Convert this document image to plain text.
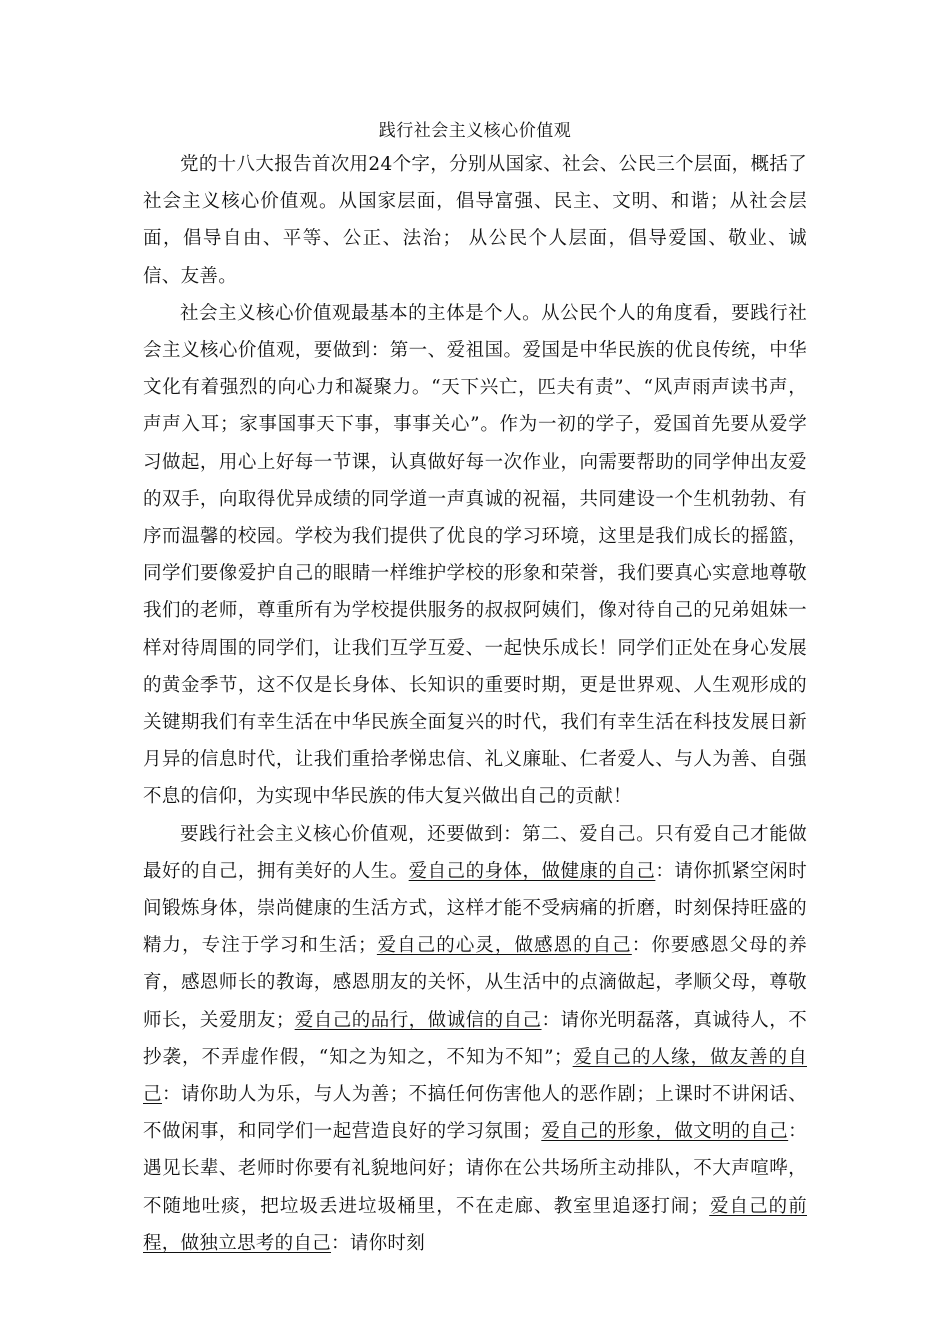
践行社会主义核心价值观

党的十八大报告首次用24个字，分别从国家、社会、公民三个层面，概括了社会主义核心价值观。从国家层面，倡导富强、民主、文明、和谐；从社会层面，倡导自由、平等、公正、法治； 从公民个人层面，倡导爱国、敬业、诚信、友善。

社会主义核心价值观最基本的主体是个人。从公民个人的角度看，要践行社会主义核心价值观，要做到：第一、爱祖国。爱国是中华民族的优良传统，中华文化有着强烈的向心力和凝聚力。“天下兴亡，匹夫有责”、“风声雨声读书声，声声入耳；家事国事天下事，事事关心”。作为一初的学子，爱国首先要从爱学习做起，用心上好每一节课，认真做好每一次作业，向需要帮助的同学伸出友爱的双手，向取得优异成绩的同学道一声真诚的祝福，共同建设一个生机勃勃、有序而温馨的校园。学校为我们提供了优良的学习环境，这里是我们成长的摇篮，同学们要像爱护自己的眼睛一样维护学校的形象和荣誉，我们要真心实意地尊敬我们的老师，尊重所有为学校提供服务的叔叔阿姨们，像对待自己的兄弟姐妹一样对待周围的同学们，让我们互学互爱、一起快乐成长！同学们正处在身心发展的黄金季节，这不仅是长身体、长知识的重要时期，更是世界观、人生观形成的关键期我们有幸生活在中华民族全面复兴的时代，我们有幸生活在科技发展日新月异的信息时代，让我们重拾孝悌忠信、礼义廉耻、仁者爱人、与人为善、自强不息的信仰，为实现中华民族的伟大复兴做出自己的贡献！

要践行社会主义核心价值观，还要做到：第二、爱自己。只有爱自己才能做最好的自己，拥有美好的人生。爱自己的身体，做健康的自己：请你抓紧空闲时间锻炼身体，崇尚健康的生活方式，这样才能不受病痛的折磨，时刻保持旺盛的精力，专注于学习和生活；爱自己的心灵，做感恩的自己：你要感恩父母的养育，感恩师长的教诲，感恩朋友的关怀，从生活中的点滴做起，孝顺父母，尊敬师长，关爱朋友；爱自己的品行，做诚信的自己：请你光明磊落，真诚待人，不抄袭，不弄虚作假，“知之为知之，不知为不知”；爱自己的人缘，做友善的自己：请你助人为乐，与人为善；不搞任何伤害他人的恶作剧；上课时不讲闲话、不做闲事，和同学们一起营造良好的学习氛围；爱自己的形象，做文明的自己：遇见长辈、老师时你要有礼貌地问好；请你在公共场所主动排队，不大声喧哗，不随地吐痰，把垃圾丢进垃圾桶里，不在走廊、教室里追逐打闹；爱自己的前程，做独立思考的自己：请你时刻
